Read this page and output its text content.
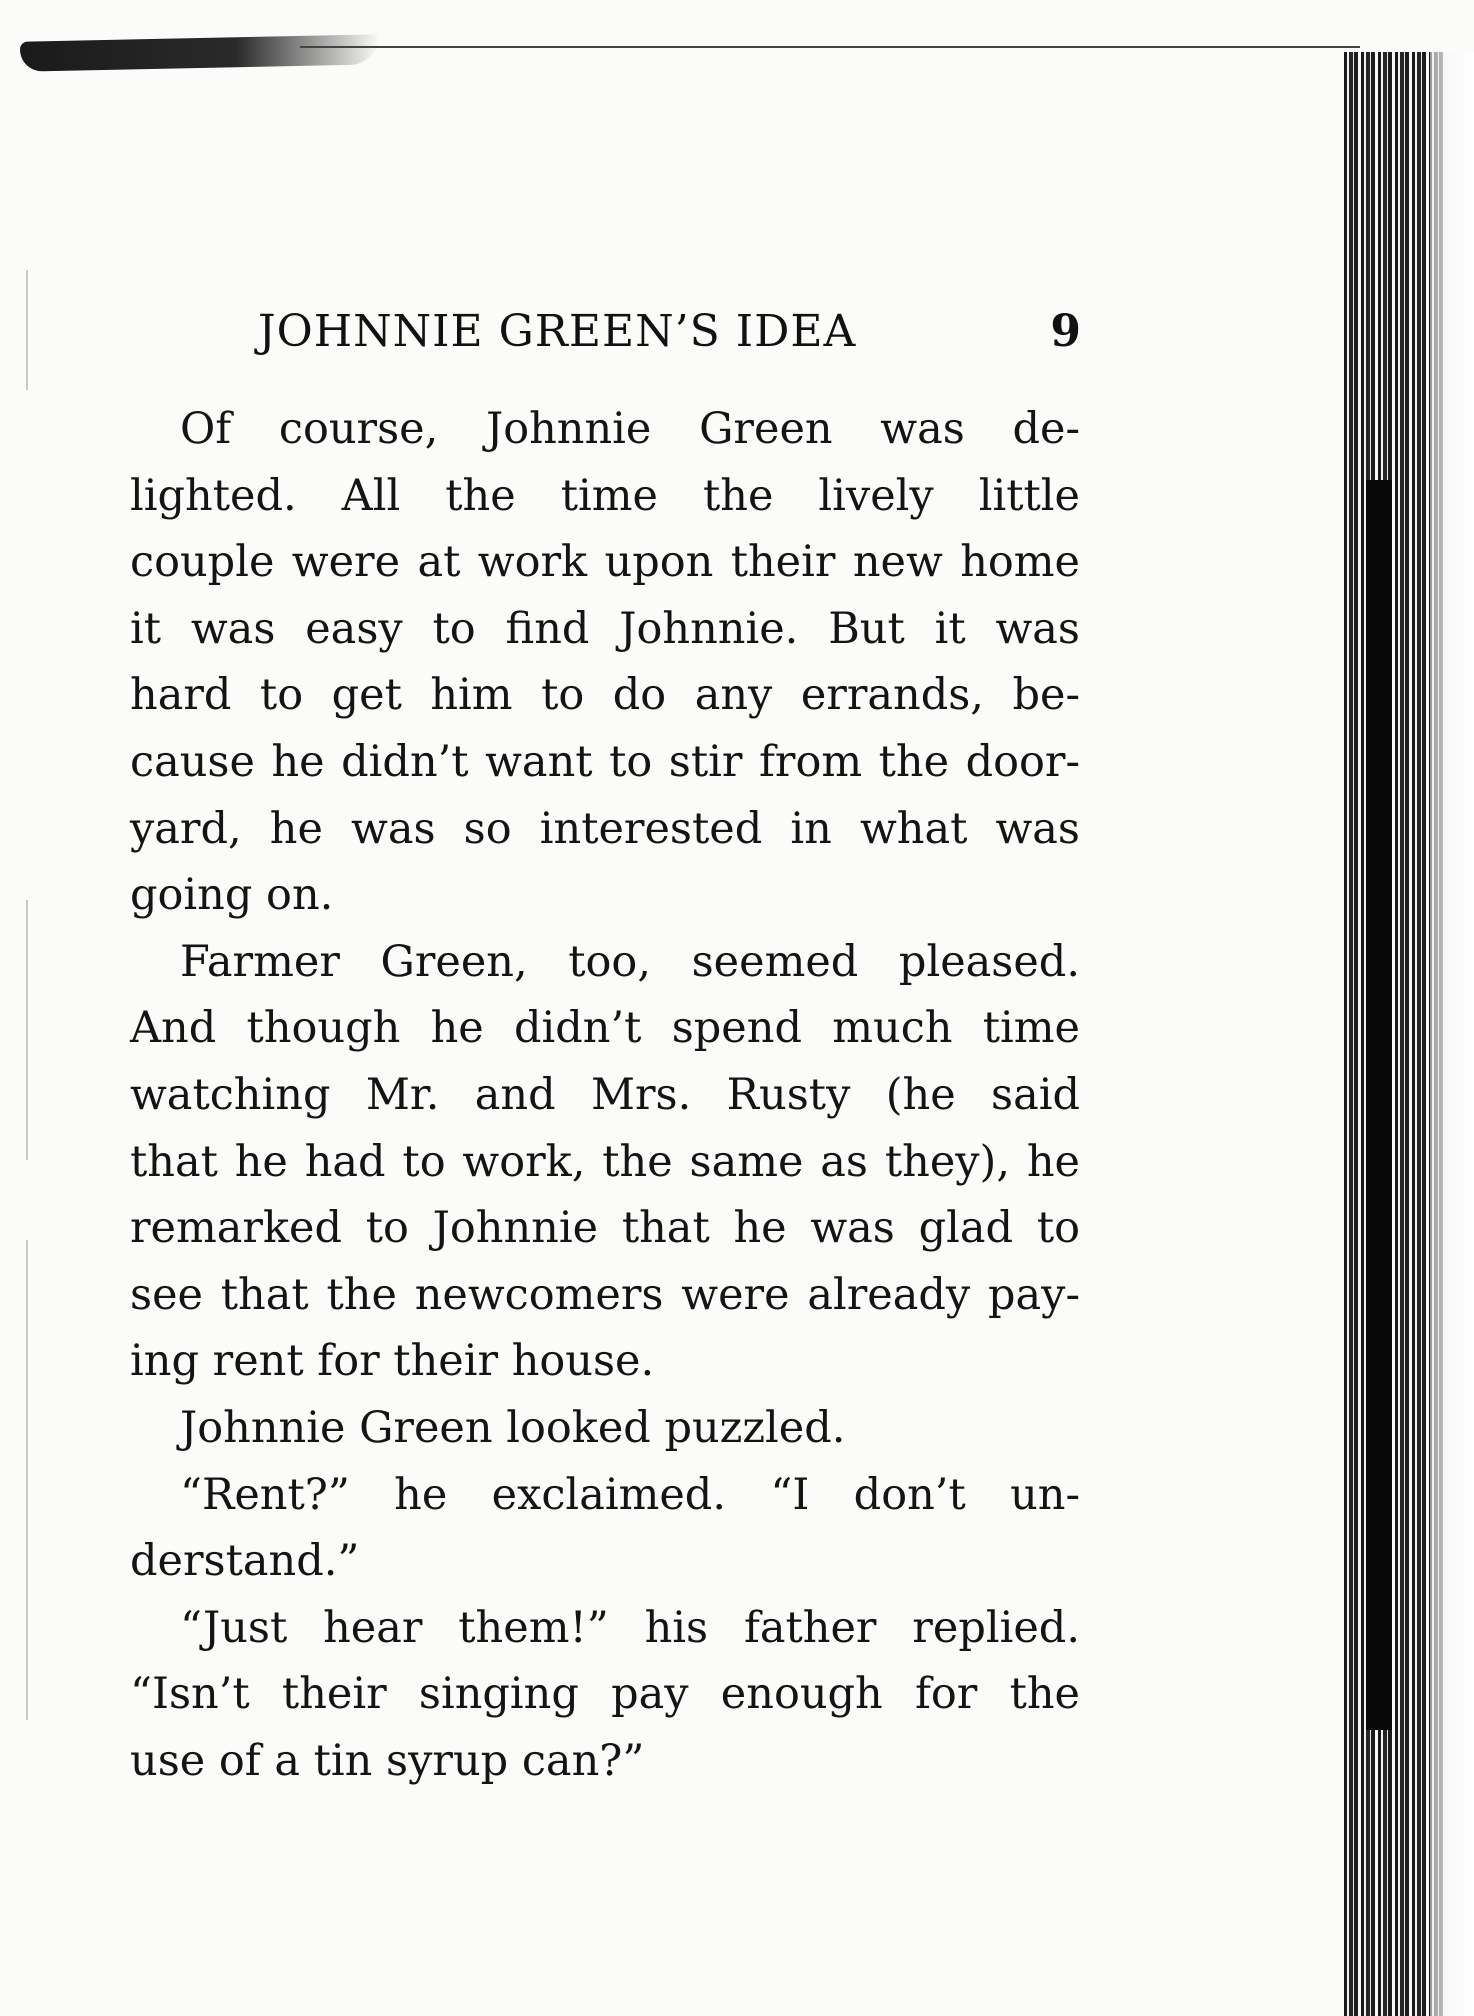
JOHNNIE GREEN’S IDEA	9
Of course, Johnnie Green was de-
lighted. All the time the lively little
couple were at work upon their new home
it was easy to find Johnnie. But it was
hard to get him to do any errands, be-
cause he didn’t want to stir from the door-
yard, he was so interested in what was
going on.
Farmer Green, too, seemed pleased.
And though he didn’t spend much time
watching Mr. and Mrs. Rusty (he said
that he had to work, the same as they), he
remarked to Johnnie that he was glad to
see that the newcomers were already pay-
ing rent for their house.
Johnnie Green looked puzzled.
“Rent?” he exclaimed. “I don’t un-
derstand.”
“Just hear them!” his father replied.
“Isn’t their singing pay enough for the
use of a tin syrup can?”
